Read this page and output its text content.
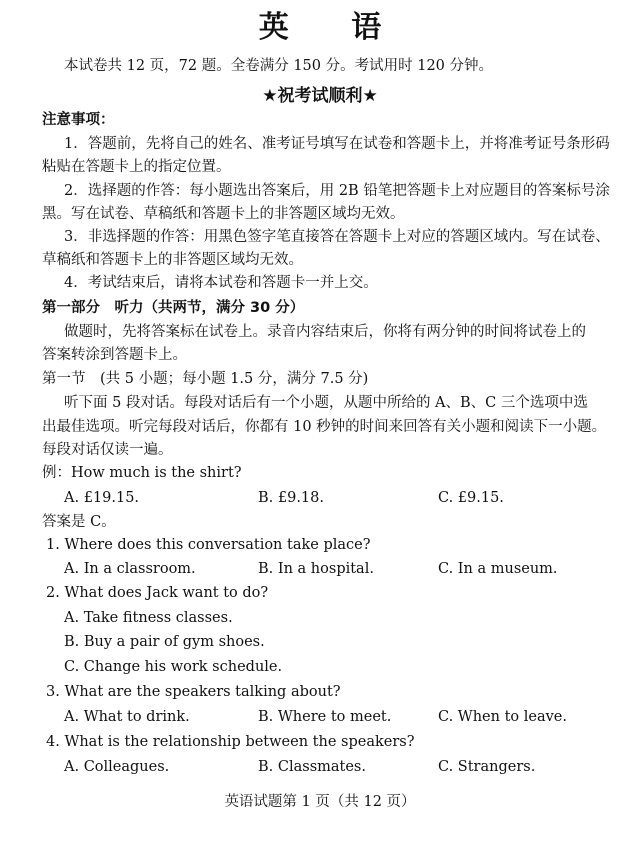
英 语
本试卷共 12 页，72 题。全卷满分 150 分。考试用时 120 分钟。
★祝考试顺利★
注意事项：
1．答题前，先将自己的姓名、准考证号填写在试卷和答题卡上，并将准考证号条形码
粘贴在答题卡上的指定位置。
2．选择题的作答：每小题选出答案后，用 2B 铅笔把答题卡上对应题目的答案标号涂
黑。写在试卷、草稿纸和答题卡上的非答题区域均无效。
3．非选择题的作答：用黑色签字笔直接答在答题卡上对应的答题区域内。写在试卷、
草稿纸和答题卡上的非答题区域均无效。
4．考试结束后，请将本试卷和答题卡一并上交。
第一部分　听力（共两节，满分 30 分）
做题时，先将答案标在试卷上。录音内容结束后，你将有两分钟的时间将试卷上的
答案转涂到答题卡上。
第一节　(共 5 小题；每小题 1.5 分，满分 7.5 分)
听下面 5 段对话。每段对话后有一个小题，从题中所给的 A、B、C 三个选项中选
出最佳选项。听完每段对话后，你都有 10 秒钟的时间来回答有关小题和阅读下一小题。
每段对话仅读一遍。
例：How much is the shirt?
A. £19.15.	B. £9.18.	C. £9.15.
答案是 C。
1. Where does this conversation take place?
A. In a classroom.	B. In a hospital.	C. In a museum.
2. What does Jack want to do?
A. Take fitness classes.
B. Buy a pair of gym shoes.
C. Change his work schedule.
3. What are the speakers talking about?
A. What to drink.	B. Where to meet.	C. When to leave.
4. What is the relationship between the speakers?
A. Colleagues.	B. Classmates.	C. Strangers.
英语试题第 1 页（共 12 页）
